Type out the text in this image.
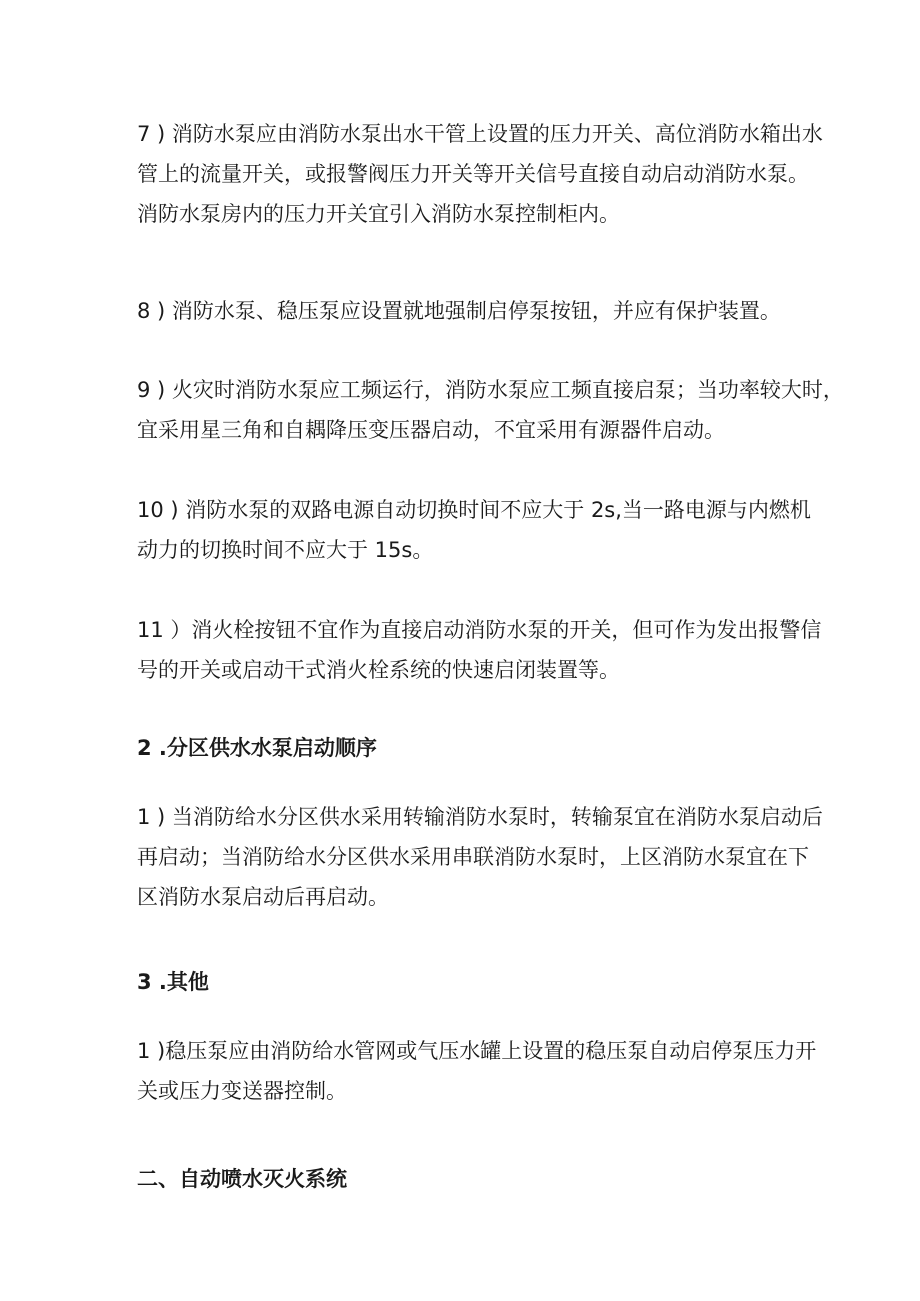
7 ) 消防水泵应由消防水泵出水干管上设置的压力开关、高位消防水箱出水
管上的流量开关，或报警阀压力开关等开关信号直接自动启动消防水泵。
消防水泵房内的压力开关宜引入消防水泵控制柜内。

8 ) 消防水泵、稳压泵应设置就地强制启停泵按钮，并应有保护装置。

9 ) 火灾时消防水泵应工频运行，消防水泵应工频直接启泵；当功率较大时，
宜采用星三角和自耦降压变压器启动，不宜采用有源器件启动。

10 ) 消防水泵的双路电源自动切换时间不应大于 2s,当一路电源与内燃机
动力的切换时间不应大于 15s。

11 ）消火栓按钮不宜作为直接启动消防水泵的开关，但可作为发出报警信
号的开关或启动干式消火栓系统的快速启闭装置等。

2 .分区供水水泵启动顺序

1 ) 当消防给水分区供水采用转输消防水泵时，转输泵宜在消防水泵启动后
再启动；当消防给水分区供水采用串联消防水泵时，上区消防水泵宜在下
区消防水泵启动后再启动。

3 .其他

1 )稳压泵应由消防给水管网或气压水罐上设置的稳压泵自动启停泵压力开
关或压力变送器控制。

二、自动喷水灭火系统
